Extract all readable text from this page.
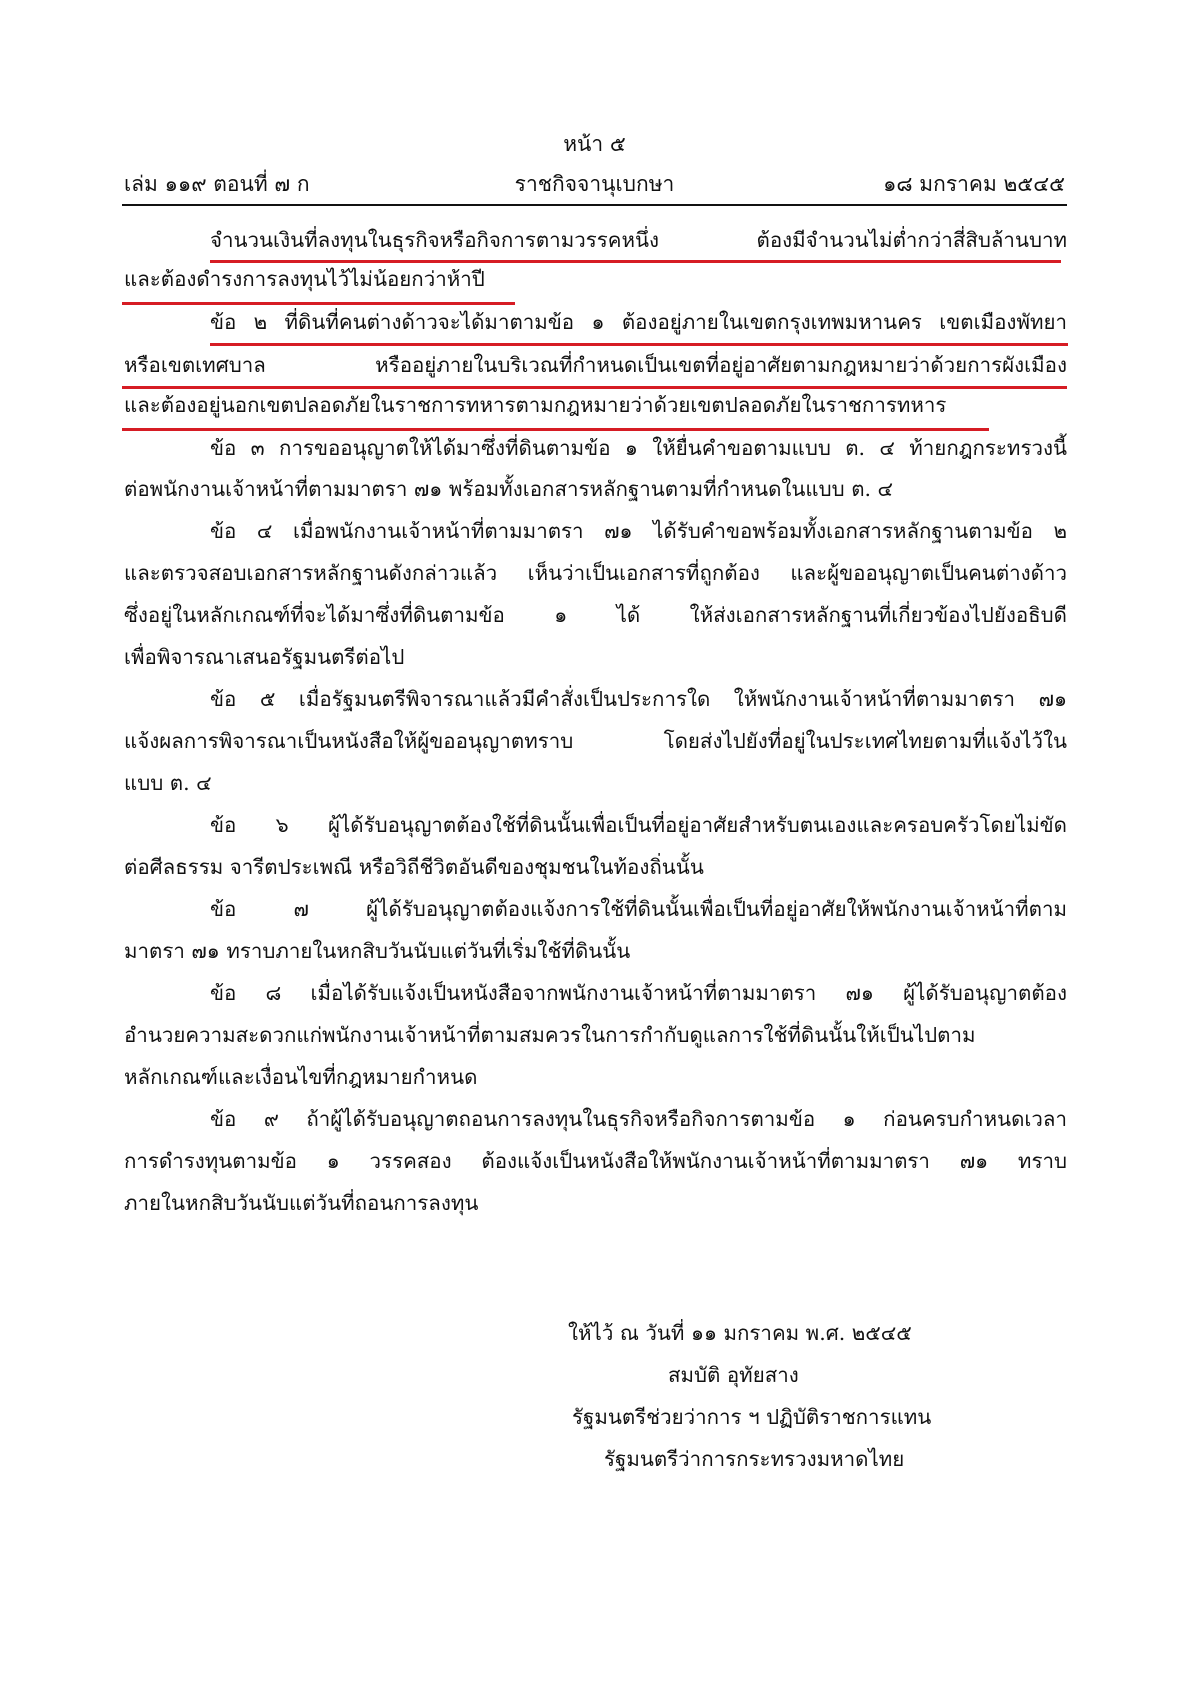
หน้า ๕
เล่ม ๑๑๙ ตอนที่ ๗ ก	ราชกิจจานุเบกษา	๑๘ มกราคม ๒๕๔๕
จำนวนเงินที่ลงทุนในธุรกิจหรือกิจการตามวรรคหนึ่ง ต้องมีจำนวนไม่ต่ำกว่าสี่สิบล้านบาท
และต้องดำรงการลงทุนไว้ไม่น้อยกว่าห้าปี
ข้อ ๒ ที่ดินที่คนต่างด้าวจะได้มาตามข้อ ๑ ต้องอยู่ภายในเขตกรุงเทพมหานคร เขตเมืองพัทยา
หรือเขตเทศบาล หรืออยู่ภายในบริเวณที่กำหนดเป็นเขตที่อยู่อาศัยตามกฎหมายว่าด้วยการผังเมือง
และต้องอยู่นอกเขตปลอดภัยในราชการทหารตามกฎหมายว่าด้วยเขตปลอดภัยในราชการทหาร
ข้อ ๓ การขออนุญาตให้ได้มาซึ่งที่ดินตามข้อ ๑ ให้ยื่นคำขอตามแบบ ต. ๔ ท้ายกฎกระทรวงนี้
ต่อพนักงานเจ้าหน้าที่ตามมาตรา ๗๑ พร้อมทั้งเอกสารหลักฐานตามที่กำหนดในแบบ ต. ๔
ข้อ ๔ เมื่อพนักงานเจ้าหน้าที่ตามมาตรา ๗๑ ได้รับคำขอพร้อมทั้งเอกสารหลักฐานตามข้อ ๒
และตรวจสอบเอกสารหลักฐานดังกล่าวแล้ว เห็นว่าเป็นเอกสารที่ถูกต้อง และผู้ขออนุญาตเป็นคนต่างด้าว
ซึ่งอยู่ในหลักเกณฑ์ที่จะได้มาซึ่งที่ดินตามข้อ ๑ ได้ ให้ส่งเอกสารหลักฐานที่เกี่ยวข้องไปยังอธิบดี
เพื่อพิจารณาเสนอรัฐมนตรีต่อไป
ข้อ ๕ เมื่อรัฐมนตรีพิจารณาแล้วมีคำสั่งเป็นประการใด ให้พนักงานเจ้าหน้าที่ตามมาตรา ๗๑
แจ้งผลการพิจารณาเป็นหนังสือให้ผู้ขออนุญาตทราบ โดยส่งไปยังที่อยู่ในประเทศไทยตามที่แจ้งไว้ใน
แบบ ต. ๔
ข้อ ๖ ผู้ได้รับอนุญาตต้องใช้ที่ดินนั้นเพื่อเป็นที่อยู่อาศัยสำหรับตนเองและครอบครัวโดยไม่ขัด
ต่อศีลธรรม จารีตประเพณี หรือวิถีชีวิตอันดีของชุมชนในท้องถิ่นนั้น
ข้อ ๗ ผู้ได้รับอนุญาตต้องแจ้งการใช้ที่ดินนั้นเพื่อเป็นที่อยู่อาศัยให้พนักงานเจ้าหน้าที่ตาม
มาตรา ๗๑ ทราบภายในหกสิบวันนับแต่วันที่เริ่มใช้ที่ดินนั้น
ข้อ ๘ เมื่อได้รับแจ้งเป็นหนังสือจากพนักงานเจ้าหน้าที่ตามมาตรา ๗๑ ผู้ได้รับอนุญาตต้อง
อำนวยความสะดวกแก่พนักงานเจ้าหน้าที่ตามสมควรในการกำกับดูแลการใช้ที่ดินนั้นให้เป็นไปตาม
หลักเกณฑ์และเงื่อนไขที่กฎหมายกำหนด
ข้อ ๙ ถ้าผู้ได้รับอนุญาตถอนการลงทุนในธุรกิจหรือกิจการตามข้อ ๑ ก่อนครบกำหนดเวลา
การดำรงทุนตามข้อ ๑ วรรคสอง ต้องแจ้งเป็นหนังสือให้พนักงานเจ้าหน้าที่ตามมาตรา ๗๑ ทราบ
ภายในหกสิบวันนับแต่วันที่ถอนการลงทุน
ให้ไว้ ณ วันที่ ๑๑ มกราคม พ.ศ. ๒๕๔๕
สมบัติ อุทัยสาง
รัฐมนตรีช่วยว่าการ ฯ ปฏิบัติราชการแทน
รัฐมนตรีว่าการกระทรวงมหาดไทย
